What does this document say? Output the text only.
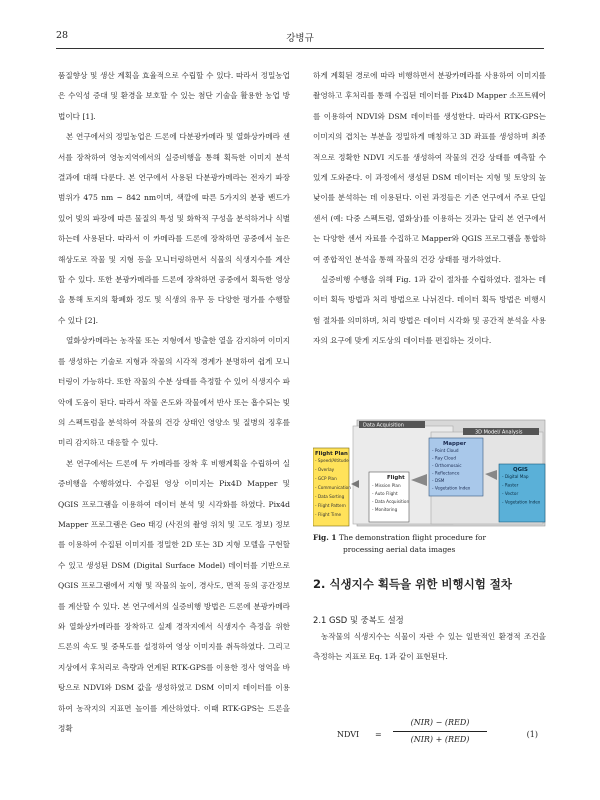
28	강병규

품질향상 및 생산 계획을 효율적으로 수립할 수 있다. 따라서 정밀농업은 수익성 증대 및 환경을 보호할 수 있는 첨단 기술을 활용한 농업 방법이다 [1].

본 연구에서의 정밀농업은 드론에 다분광카메라 및 열화상카메라 센서를 장착하여 영농지역에서의 실증비행을 통해 획득한 이미지 분석 결과에 대해 다룬다. 본 연구에서 사용된 다분광카메라는 전자기 파장 범위가 475 nm ~ 842 nm이며, 색깔에 따른 5가지의 분광 밴드가 있어 빛의 파장에 따른 물질의 특성 및 화학적 구성을 분석하거나 식별하는데 사용된다. 따라서 이 카메라를 드론에 장착하면 공중에서 높은 해상도로 작물 및 지형 등을 모니터링하면서 식물의 식생지수를 계산할 수 있다. 또한 분광카메라를 드론에 장착하면 공중에서 획득한 영상을 통해 토지의 황폐화 정도 및 식생의 유무 등 다양한 평가를 수행할 수 있다 [2].

열화상카메라는 농작물 또는 지형에서 방출한 열을 감지하여 이미지를 생성하는 기술로 지형과 작물의 시각적 경계가 분명하여 쉽게 모니터링이 가능하다. 또한 작물의 수분 상태를 측정할 수 있어 식생지수 파악에 도움이 된다. 따라서 작물 온도와 작물에서 반사 또는 흡수되는 빛의 스펙트럼을 분석하여 작물의 건강 상태인 영양소 및 질병의 징후를 미리 감지하고 대응할 수 있다.

본 연구에서는 드론에 두 카메라를 장착 후 비행계획을 수립하여 실증비행을 수행하였다. 수집된 영상 이미지는 Pix4D Mapper 및 QGIS 프로그램을 이용하여 데이터 분석 및 시각화를 하였다. Pix4d Mapper 프로그램은 Geo 태깅 (사진의 촬영 위치 및 고도 정보) 정보를 이용하여 수집된 이미지를 정밀한 2D 또는 3D 지형 모델을 구현할 수 있고 생성된 DSM (Digital Surface Model) 데이터를 기반으로 QGIS 프로그램에서 지형 및 작물의 높이, 경사도, 면적 등의 공간정보를 계산할 수 있다. 본 연구에서의 실증비행 방법은 드론에 분광카메라와 열화상카메라를 장착하고 실제 경작지에서 식생지수 측정을 위한 드론의 속도 및 중복도를 설정하여 영상 이미지를 취득하였다. 그리고 지상에서 후처리로 측량과 연계된 RTK-GPS를 이용한 정사 영역을 바탕으로 NDVI와 DSM 값을 생성하였고 DSM 이미지 데이터를 이용하여 농작지의 지표면 높이를 계산하였다. 이때 RTK-GPS는 드론을 정확

하게 계획된 경로에 따라 비행하면서 분광카메라를 사용하여 이미지를 촬영하고 후처리를 통해 수집된 데이터를 Pix4D Mapper 소프트웨어를 이용하여 NDVI와 DSM 데이터를 생성한다. 따라서 RTK-GPS는 이미지의 겹치는 부분을 정밀하게 매칭하고 3D 좌표를 생성하며 최종적으로 정확한 NDVI 지도를 생성하여 작물의 건강 상태를 예측할 수 있게 도와준다. 이 과정에서 생성된 DSM 데이터는 지형 및 토양의 높낮이를 분석하는 데 이용된다. 이런 과정들은 기존 연구에서 주로 단일 센서 (예: 다중 스펙트럼, 열화상)를 이용하는 것과는 달리 본 연구에서는 다양한 센서 자료를 수집하고 Mapper와 QGIS 프로그램을 통합하여 종합적인 분석을 통해 작물의 건강 상태를 평가하였다.

실증비행 수행을 위해 Fig. 1과 같이 절차를 수립하였다. 절차는 데이터 획득 방법과 처리 방법으로 나뉘진다. 데이터 획득 방법은 비행시험 절차를 의미하며, 처리 방법은 데이터 시각화 및 공간적 분석을 사용자의 요구에 맞게 지도상의 데이터를 편집하는 것이다.

Data Acquisition
3D Model/ Analysis
Flight Plan
- Speed/Altitude
- Overlay
- GCP Plan
- Communication
- Data Sorting
- Flight Pattern
- Flight Time
Flight
- Mission Plan
- Auto Flight
- Data Acquisition
- Monitoring
Mapper
- Point Cloud
- Ray Cloud
- Orthomosaic
- Reflectance
- DSM
- Vegetation Index
QGIS
- Digital Map
- Raster
- Vector
- Vegetation Index
Fig. 1 The demonstration flight procedure for
processing aerial data images
2. 식생지수 획득을 위한 비행시험 절차
2.1 GSD 및 중복도 설정

농작물의 식생지수는 식물이 자란 수 있는 일반적인 환경적 조건을 측정하는 지표로 Eq. 1과 같이 표현된다.

NDVI =
(NIR) − (RED)
(NIR) + (RED)
(1)
